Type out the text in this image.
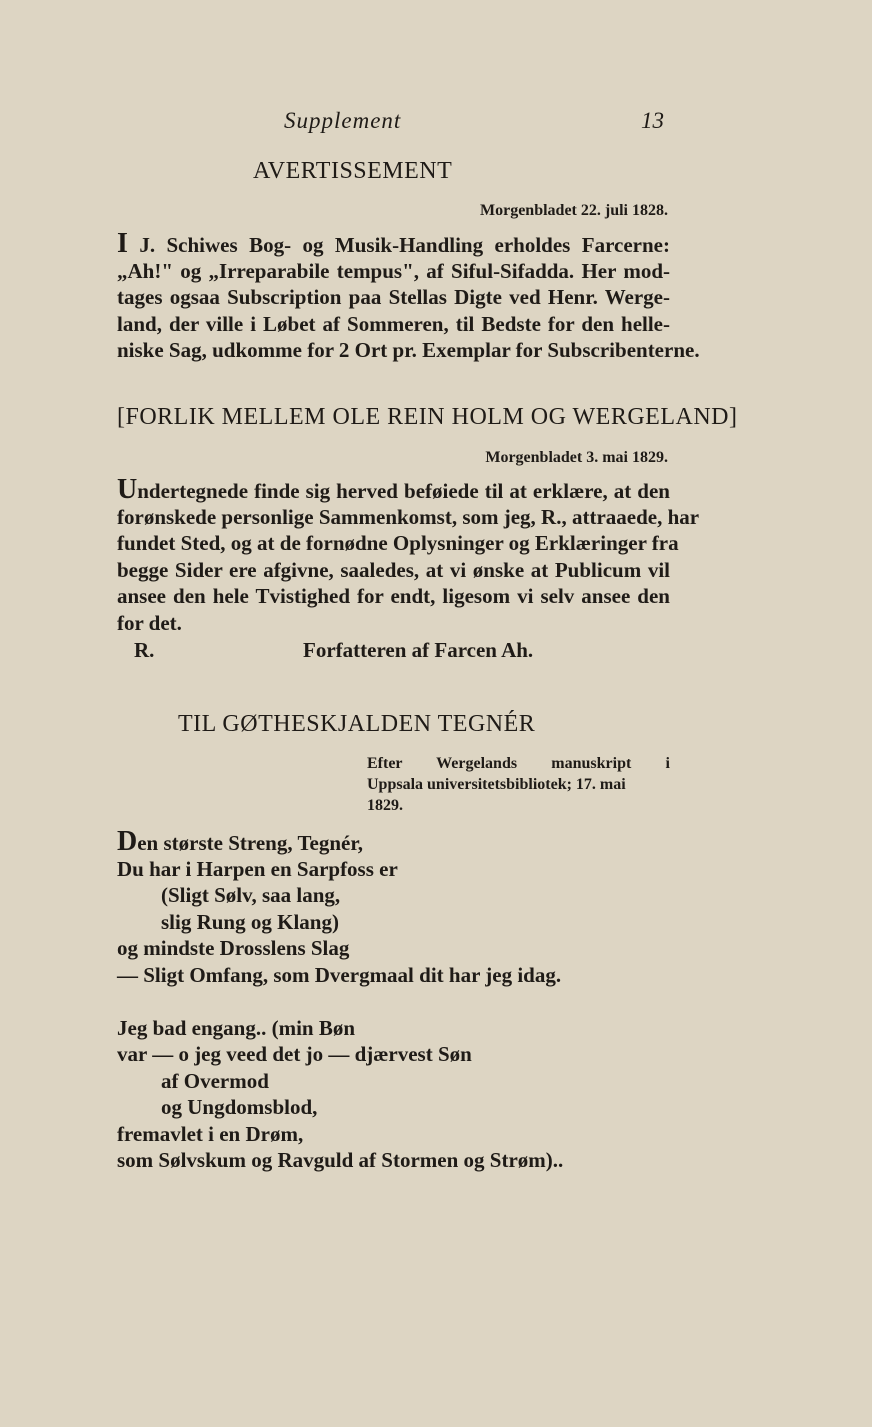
Supplement	13
AVERTISSEMENT
Morgenbladet 22. juli 1828.
I J. Schiwes Bog- og Musik-Handling erholdes Farcerne:
„Ah!" og „Irreparabile tempus", af Siful-Sifadda. Her mod-
tages ogsaa Subscription paa Stellas Digte ved Henr. Werge-
land, der ville i Løbet af Sommeren, til Bedste for den helle-
niske Sag, udkomme for 2 Ort pr. Exemplar for Subscribenterne.
[FORLIK MELLEM OLE REIN HOLM OG WERGELAND]
Morgenbladet 3. mai 1829.
Undertegnede finde sig herved beføiede til at erklære, at den
forønskede personlige Sammenkomst, som jeg, R., attraaede, har
fundet Sted, og at de fornødne Oplysninger og Erklæringer fra
begge Sider ere afgivne, saaledes, at vi ønske at Publicum vil
ansee den hele Tvistighed for endt, ligesom vi selv ansee den
for det.
R.	Forfatteren af Farcen Ah.
TIL GØTHESKJALDEN TEGNÉR
Efter Wergelands manuskript i
Uppsala universitetsbibliotek; 17. mai
1829.
Den største Streng, Tegnér,
Du har i Harpen en Sarpfoss er
(Sligt Sølv, saa lang,
slig Rung og Klang)
og mindste Drosslens Slag
— Sligt Omfang, som Dvergmaal dit har jeg idag.
Jeg bad engang.. (min Bøn
var — o jeg veed det jo — djærvest Søn
af Overmod
og Ungdomsblod,
fremavlet i en Drøm,
som Sølvskum og Ravguld af Stormen og Strøm)..
